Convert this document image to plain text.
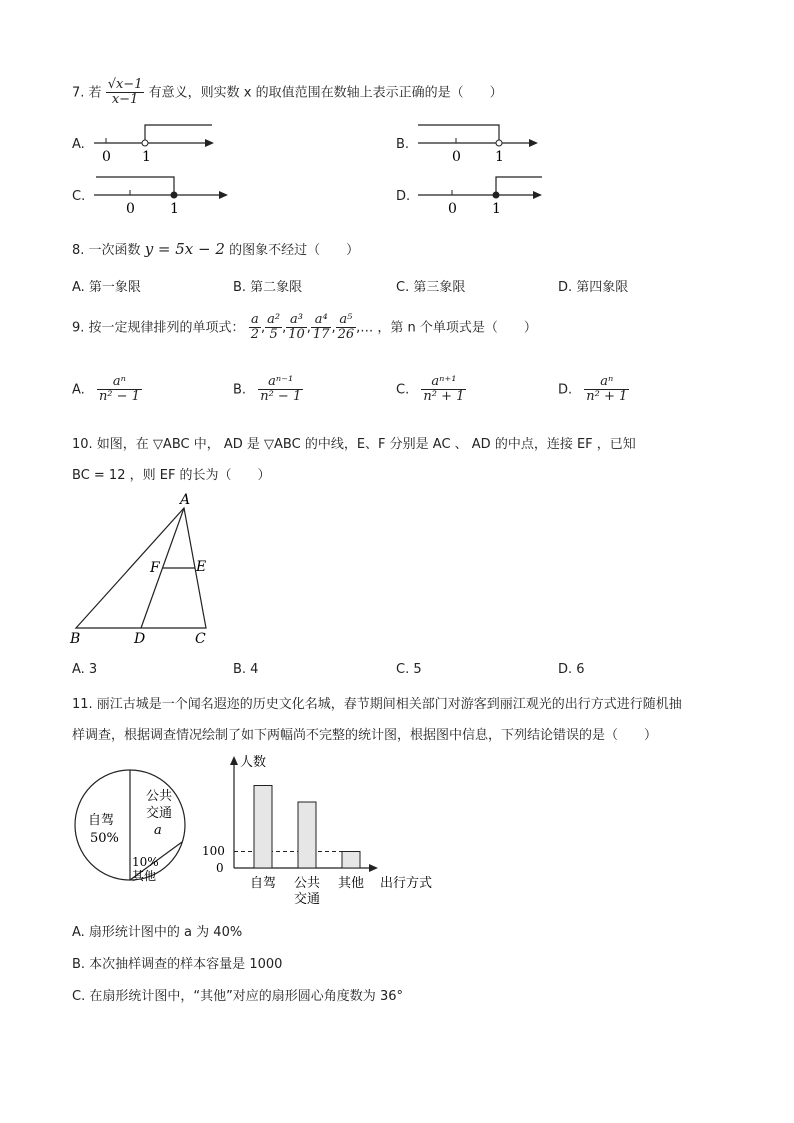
7. 若 $\frac{√x-1}{x-1}$ 有意义，则实数 x 的取值范围在数轴上表示正确的是（　　）
A.
0 1
B.
0 1
C.
0	1
D.
0	1
8. 一次函数 y = 5x − 2 的图象不经过（　　）
A. 第一象限	B. 第二象限	C. 第三象限	D. 第四象限
9. 按一定规律排列的单项式： $\frac{a}{2}$ , $\frac{\text{a²}}{5}$ , $\frac{\text{a³}}{10}$ , $\frac{\text{a⁴}}{17}$ , $\frac{\text{a⁵}}{26}$ ,… ，第 n 个单项式是（　　）
A. $\frac{\text{aⁿ}}{\text{n² − 1}}$	B. $\frac{\text{aⁿ⁻¹}}{\text{n² − 1}}$	C. $\frac{\text{aⁿ⁺¹}}{\text{n² + 1}}$	D. $\frac{\text{aⁿ}}{\text{n² + 1}}$
10. 如图，在 ▽ABC 中， AD 是 ▽ABC 的中线，E、F 分别是 AC 、 AD 的中点，连接 EF ，已知
BC = 12 ，则 EF 的长为（　　）
A
B	C
D
E
F
A. 3	B. 4	C. 5	D. 6
11. 丽江古城是一个闻名遐迩的历史文化名城，春节期间相关部门对游客到丽江观光的出行方式进行随机抽
样调查，根据调查情况绘制了如下两幅尚不完整的统计图，根据图中信息，下列结论错误的是（　　）
自驾
50%
公共
交通
a
10%
其他
人数
出行方式
0
100
自驾 公共
交通
其他
A. 扇形统计图中的 a 为 40%
B. 本次抽样调查的样本容量是 1000
C. 在扇形统计图中，“其他”对应的扇形圆心角度数为 36°
